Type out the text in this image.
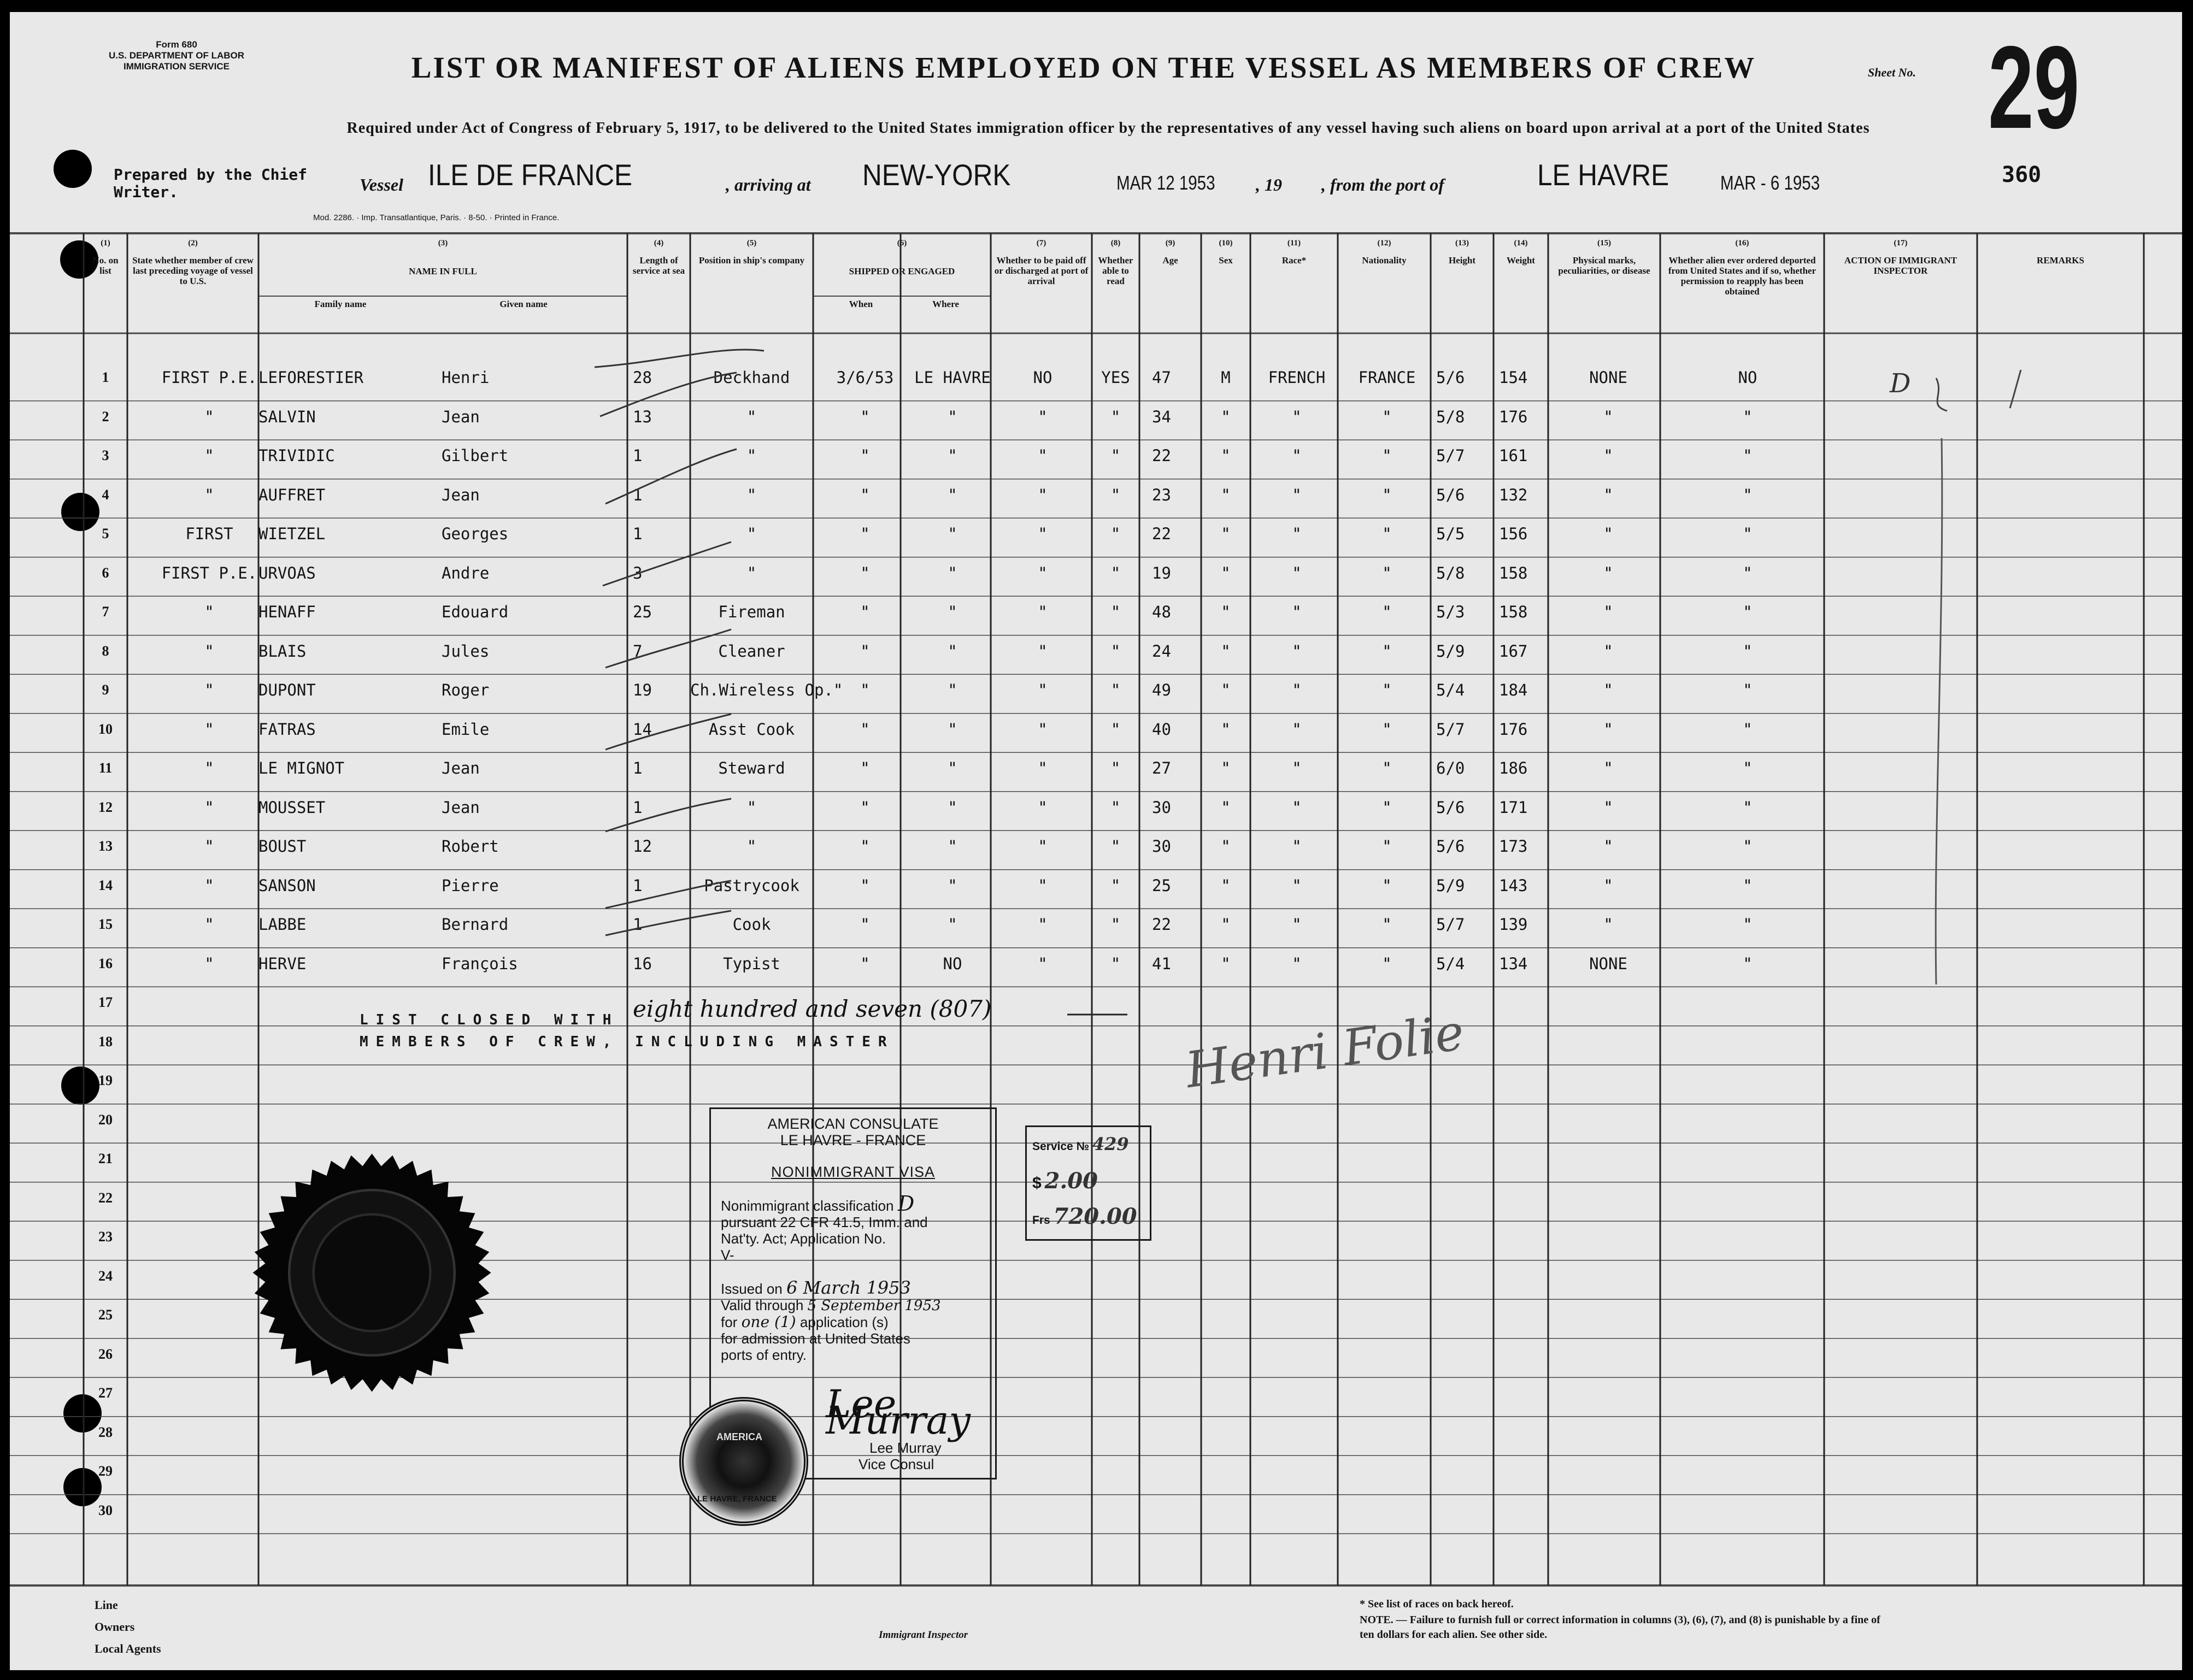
Form 680
U.S. DEPARTMENT OF LABOR
IMMIGRATION SERVICE	LIST OR MANIFEST OF ALIENS EMPLOYED ON THE VESSEL AS MEMBERS OF CREW	Sheet No. 29
360
Required under Act of Congress of February 5, 1917, to be delivered to the United States immigration officer by the representatives of any vessel having such aliens on board upon arrival at a port of the United States
Prepared by the Chief
Writer.	Vessel ILE DE FRANCE	, arriving at NEW-YORK	MAR 12 1953 , 19 , from the port of	LE HAVRE	MAR - 6 1953
Mod. 2286. · Imp. Transatlantique, Paris. · 8-50. · Printed in France.
(1)
No. on list
(2)
State whether member of crew last preceding voyage of vessel to U.S.
(3)
NAME IN FULL
(4)
Length of service at sea
(5)
Position in ship's company
(6)
SHIPPED OR ENGAGED
(7)
Whether to be paid off or discharged at port of arrival
(8)
Whether able to read
(9)
Age
(10)
Sex
(11)
Race*
(12)
Nationality
(13)
Height
(14)
Weight
(15)
Physical marks, peculiarities, or disease
(16)
Whether alien ever ordered deported from United States and if so, whether permission to reapply has been obtained
(17)
ACTION OF IMMIGRANT INSPECTOR
REMARKS
Family name	Given name	When	Where
1	FIRST P.E. LEFORESTIER	Henri	28	Deckhand	3/6/53	LE HAVRE	NO	YES	47	M	FRENCH	FRANCE	5/6	154	NONE	NO	D
2	"	SALVIN	Jean	13	"	"	"	"	"	34	"	"	"	5/8	176	"	"
3	"	TRIVIDIC	Gilbert	1	"	"	"	"	"	22	"	"	"	5/7	161	"	"
4	"	AUFFRET	Jean	1	"	"	"	"	"	23	"	"	"	5/6	132	"	"
5	FIRST	WIETZEL	Georges	1	"	"	"	"	"	22	"	"	"	5/5	156	"	"
6	FIRST P.E. URVOAS	Andre	3	"	"	"	"	"	19	"	"	"	5/8	158	"	"
7	"	HENAFF	Edouard	25	Fireman	"	"	"	"	48	"	"	"	5/3	158	"	"
8	"	BLAIS	Jules	7	Cleaner	"	"	"	"	24	"	"	"	5/9	167	"	"
9	"	DUPONT	Roger	19	Ch.Wireless Op."	"	"	"	"	49	"	"	"	5/4	184	"	"
10	"	FATRAS	Emile	14	Asst Cook	"	"	"	"	40	"	"	"	5/7	176	"	"
11	"	LE MIGNOT	Jean	1	Steward	"	"	"	"	27	"	"	"	6/0	186	"	"
12	"	MOUSSET	Jean	1	"	"	"	"	"	30	"	"	"	5/6	171	"	"
13	"	BOUST	Robert	12	"	"	"	"	"	30	"	"	"	5/6	173	"	"
14	"	SANSON	Pierre	1	Pastrycook	"	"	"	"	25	"	"	"	5/9	143	"	"
15	"	LABBE	Bernard	1	Cook	"	"	"	"	22	"	"	"	5/7	139	"	"
16	"	HERVE	François	16	Typist	"	NO	"	"	41	"	"	"	5/4	134	NONE	"
17
18
19
20
21
22
23
24
25
26
27
28
29
30
LIST CLOSED WITH eight hundred and seven (807)
MEMBERS OF CREW, INCLUDING MASTER	Henri Folie
AMERICAN CONSULATE
LE HAVRE - FRANCE
NONIMMIGRANT VISA
Nonimmigrant classification D
pursuant 22 CFR 41.5, Imm. and
Nat'ty. Act; Application No.
V-
Issued on 6 March 1953
Valid through 5 September 1953
for one (1) application (s)
for admission at United States
ports of entry.
Lee Murray
Lee Murray
Vice Consul
AMERICA
LE HAVRE, FRANCE
Service № 429
$ 2.00
Frs 720.00
Line
Owners
Local Agents
Immigrant Inspector
* See list of races on back hereof.
NOTE. — Failure to furnish full or correct information in columns (3), (6), (7), and (8) is punishable by a fine of ten dollars for each alien. See other side.
